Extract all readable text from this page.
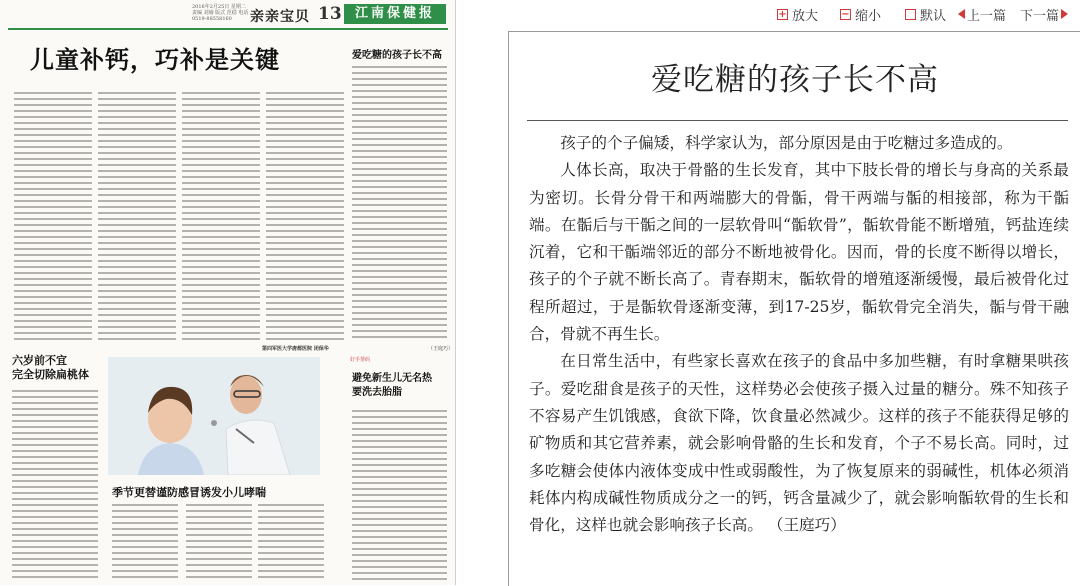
2016年2月25日 星期二 责编 刘瑜 版式 范稳 电话 0519-88558160	亲亲宝贝 13	江南保健报
儿童补钙，巧补是关键	爱吃糖的孩子长不高
第四军医大学唐都医院 闭保华	（王庭巧）
六岁前不宜
完全切除扁桃体
季节更替谨防感冒诱发小儿哮喘
好手帮码
避免新生儿无名热
要洗去胎脂
+ 放大 − 缩小	默认 上一篇 下一篇
爱吃糖的孩子长不高

孩子的个子偏矮，科学家认为，部分原因是由于吃糖过多造成的。

人体长高，取决于骨骼的生长发育，其中下肢长骨的增长与身高的关系最为密切。长骨分骨干和两端膨大的骨骺，骨干两端与骺的相接部，称为干骺端。在骺后与干骺之间的一层软骨叫“骺软骨”，骺软骨能不断增殖，钙盐连续沉着，它和干骺端邻近的部分不断地被骨化。因而，骨的长度不断得以增长，孩子的个子就不断长高了。青春期末，骺软骨的增殖逐渐缓慢，最后被骨化过程所超过，于是骺软骨逐渐变薄，到17-25岁，骺软骨完全消失，骺与骨干融合，骨就不再生长。

在日常生活中，有些家长喜欢在孩子的食品中多加些糖，有时拿糖果哄孩子。爱吃甜食是孩子的天性，这样势必会使孩子摄入过量的糖分。殊不知孩子不容易产生饥饿感，食欲下降，饮食量必然减少。这样的孩子不能获得足够的矿物质和其它营养素，就会影响骨骼的生长和发育，个子不易长高。同时，过多吃糖会使体内液体变成中性或弱酸性，为了恢复原来的弱碱性，机体必须消耗体内构成碱性物质成分之一的钙，钙含量减少了，就会影响骺软骨的生长和骨化，这样也就会影响孩子长高。 （王庭巧）
